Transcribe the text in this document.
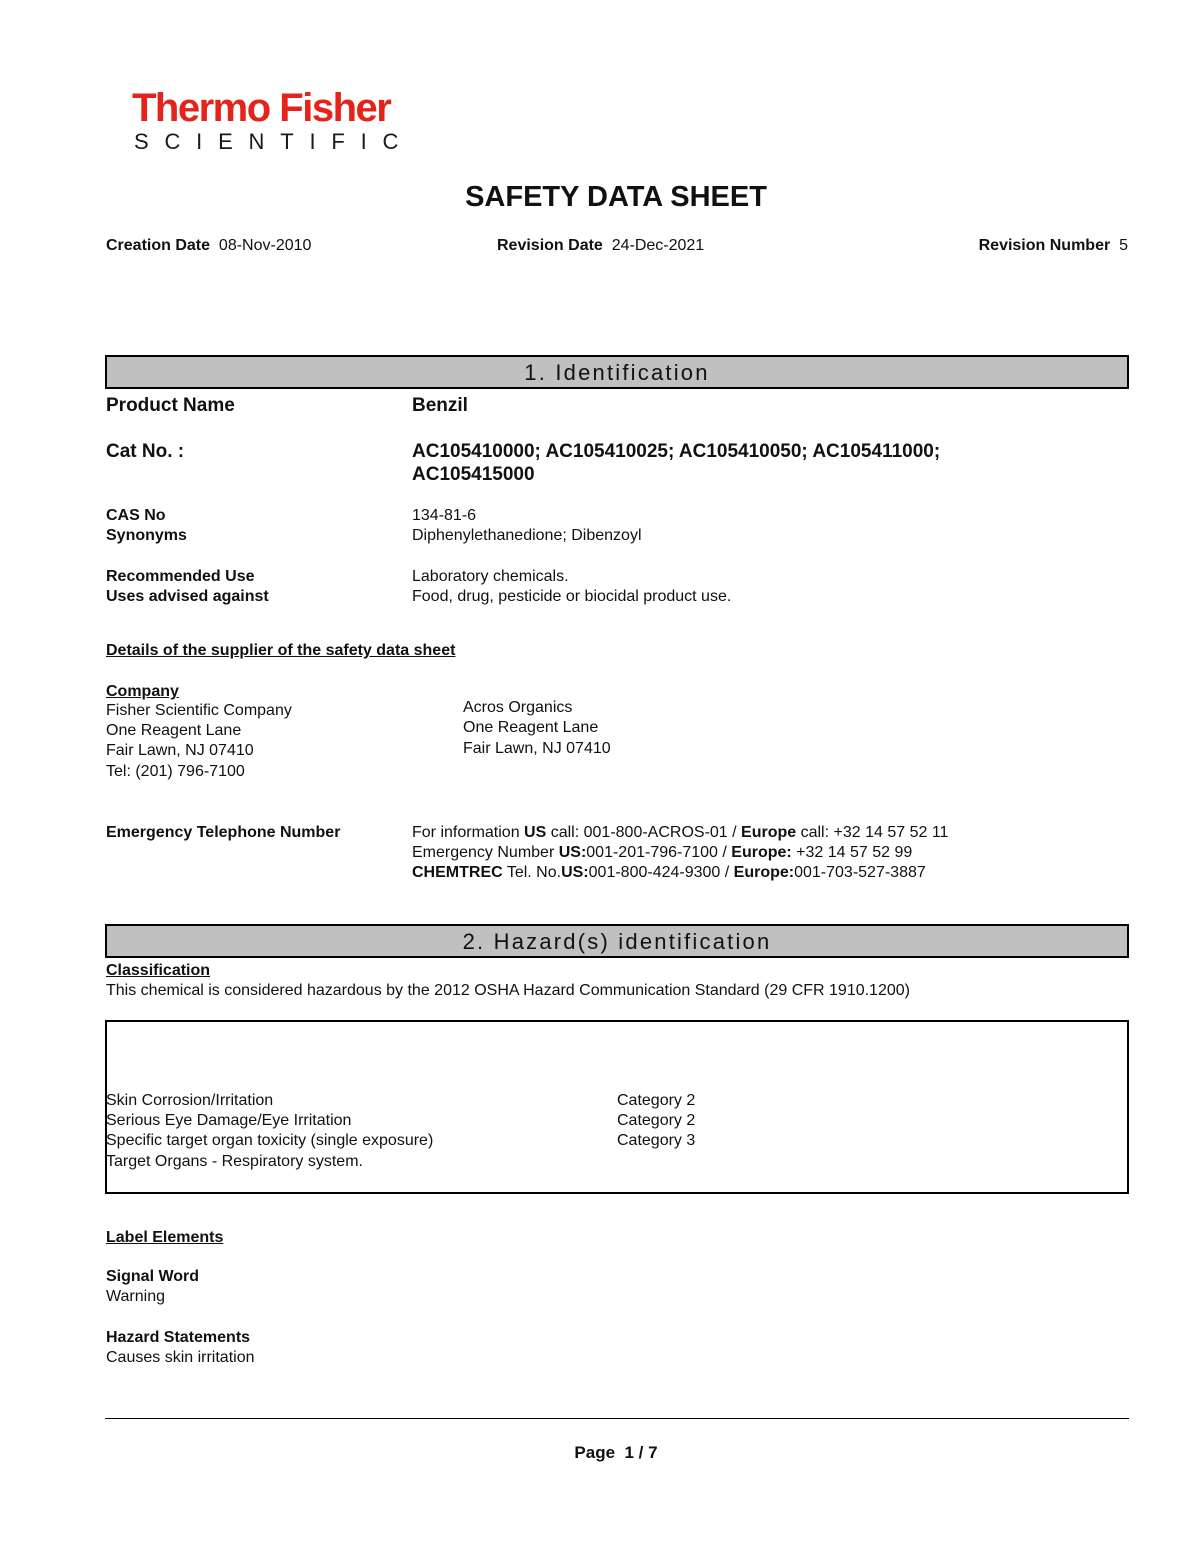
Thermo Fisher
SCIENTIFIC
SAFETY DATA SHEET
Creation Date 08-Nov-2010	Revision Date 24-Dec-2021	Revision Number 5
1. Identification
Product Name	Benzil
Cat No. :	AC105410000; AC105410025; AC105410050; AC105411000;
AC105415000
CAS No	134-81-6
Synonyms	Diphenylethanedione; Dibenzoyl
Recommended Use	Laboratory chemicals.
Uses advised against	Food, drug, pesticide or biocidal product use.
Details of the supplier of the safety data sheet
Company
Fisher Scientific Company
One Reagent Lane
Fair Lawn, NJ 07410
Tel: (201) 796-7100
Acros Organics
One Reagent Lane
Fair Lawn, NJ 07410
Emergency Telephone Number	For information US call: 001-800-ACROS-01 / Europe call: +32 14 57 52 11
Emergency Number US:001-201-796-7100 / Europe: +32 14 57 52 99
CHEMTREC Tel. No.US:001-800-424-9300 / Europe:001-703-527-3887
2. Hazard(s) identification
Classification
This chemical is considered hazardous by the 2012 OSHA Hazard Communication Standard (29 CFR 1910.1200)
Skin Corrosion/Irritation	Category 2
Serious Eye Damage/Eye Irritation	Category 2
Specific target organ toxicity (single exposure)	Category 3
Target Organs - Respiratory system.
Label Elements
Signal Word
Warning
Hazard Statements
Causes skin irritation
Page 1 / 7
